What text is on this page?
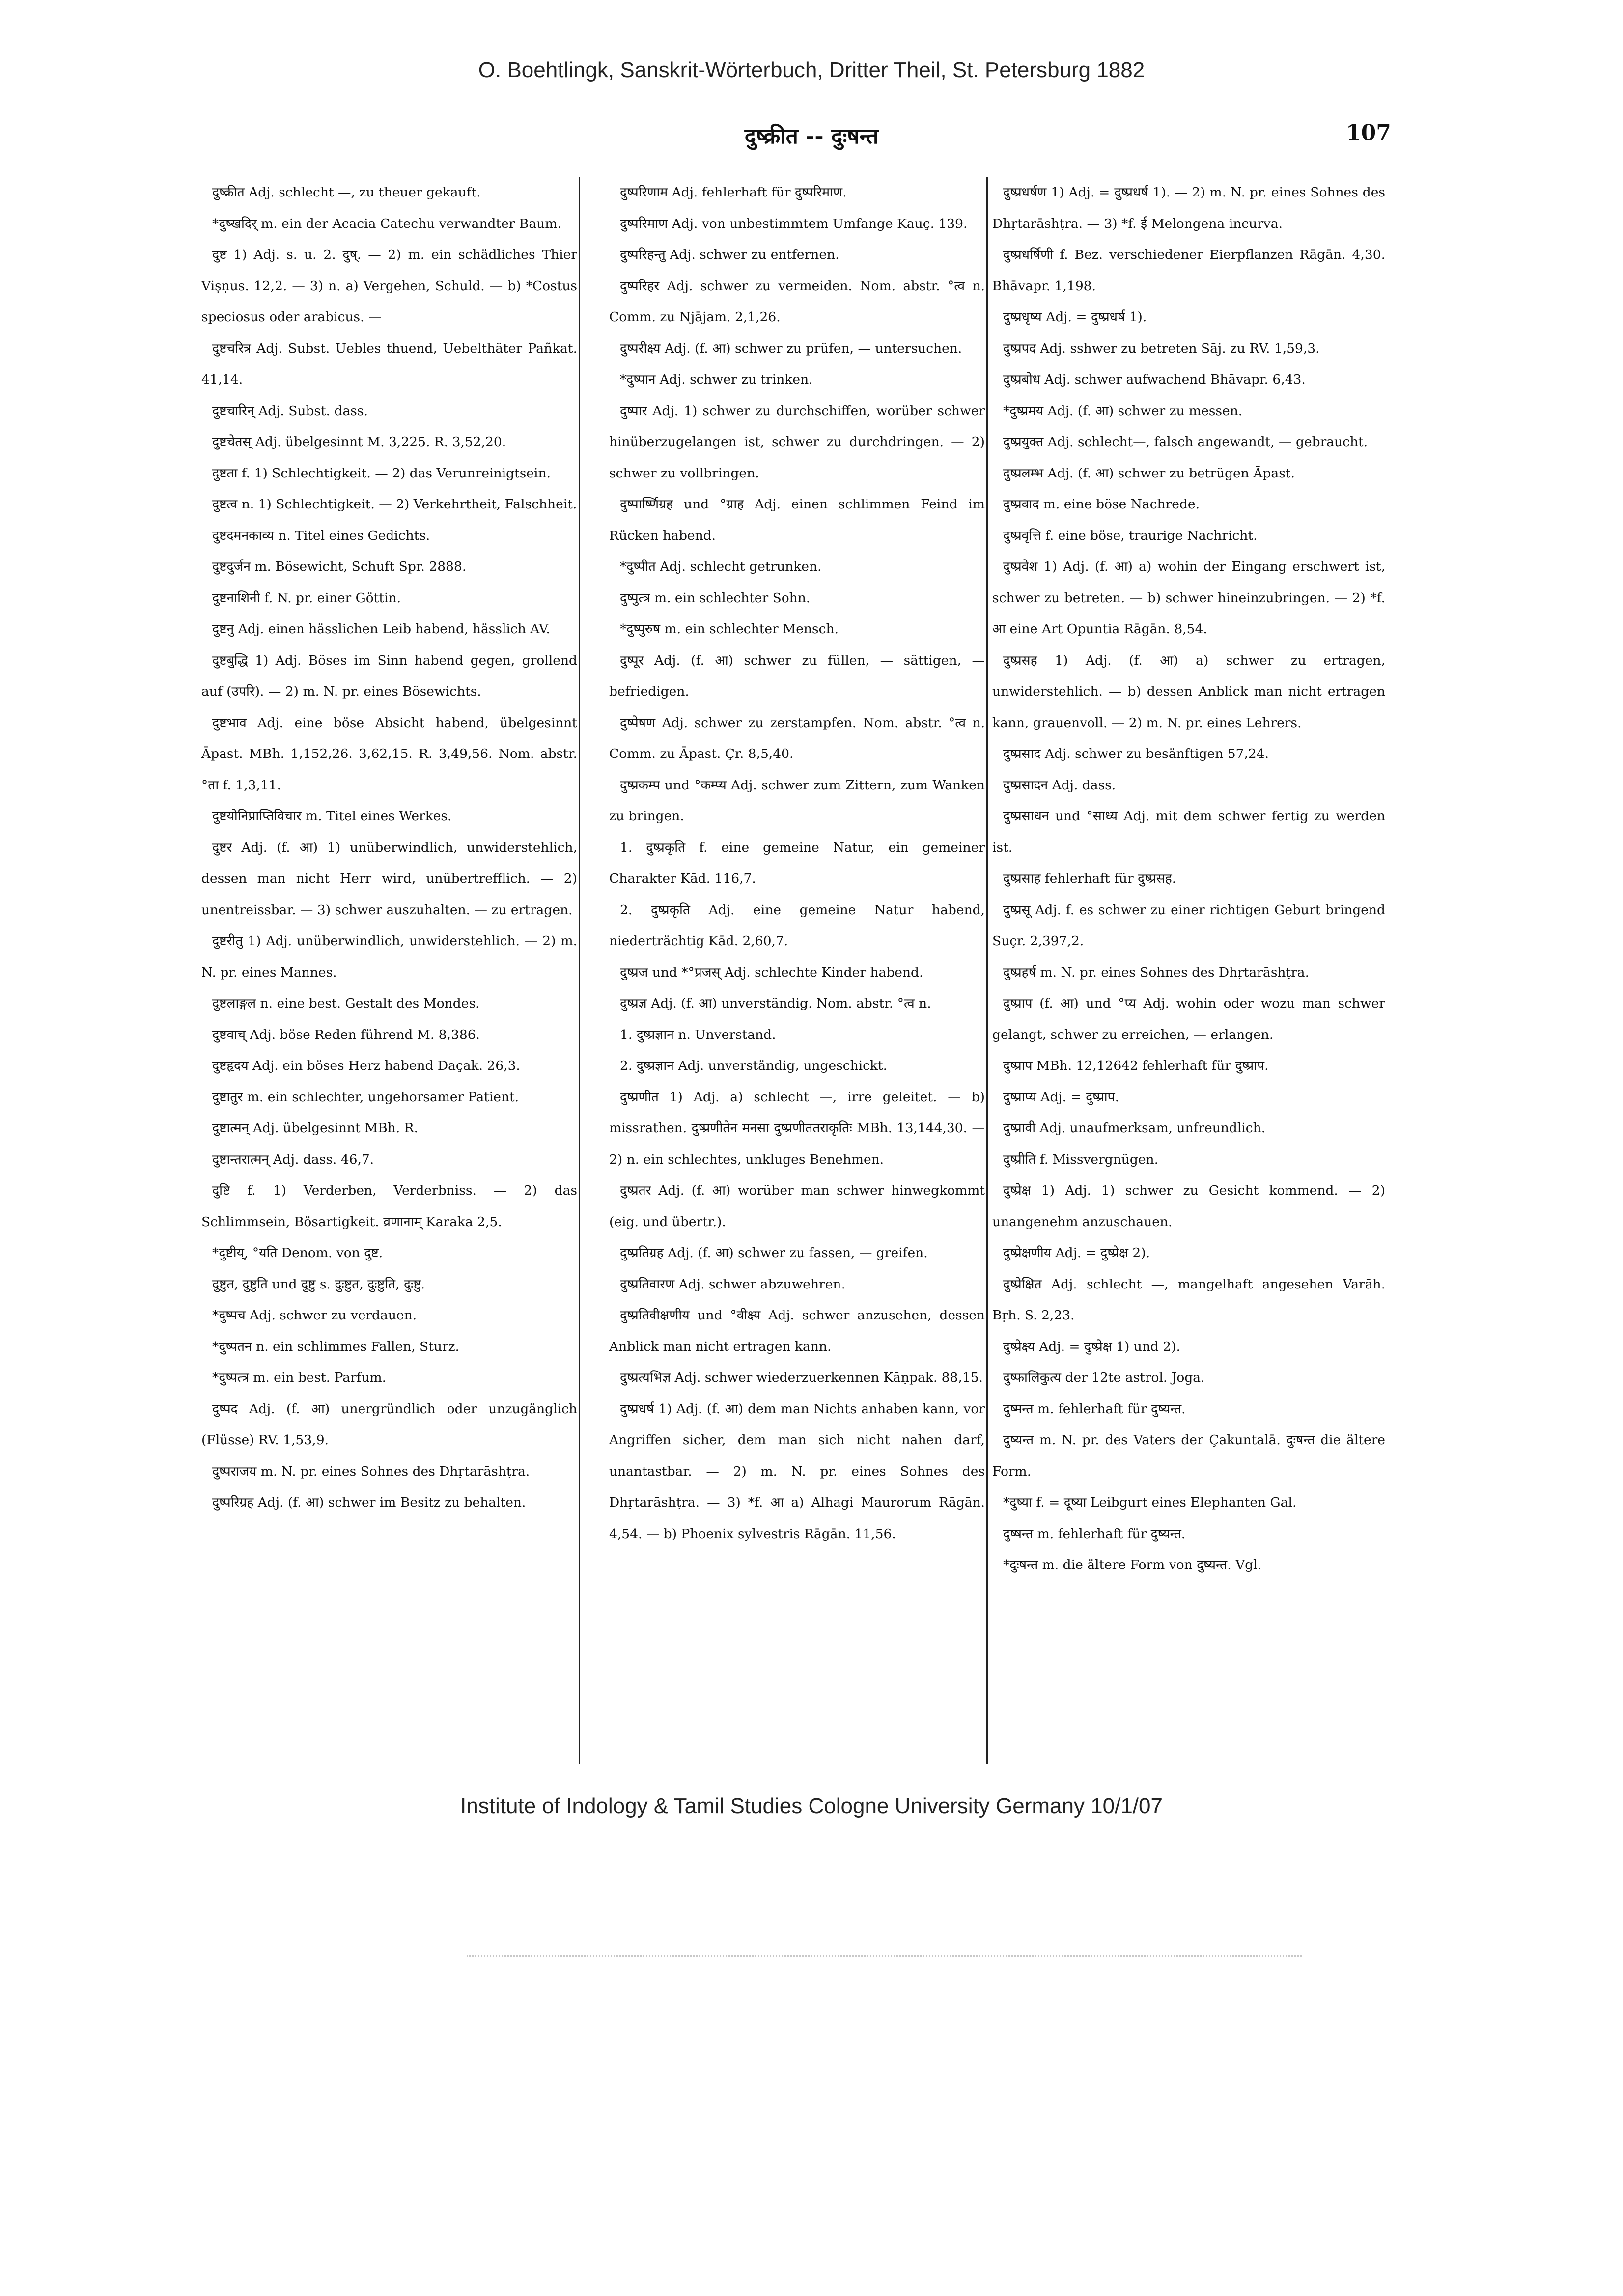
O. Boehtlingk, Sanskrit-Wörterbuch, Dritter Theil, St. Petersburg 1882
दुष्क्रीत -- दुःषन्त	107

दुष्क्रीत Adj. schlecht —, zu theuer gekauft.

*दुष्खदिर् m. ein der Acacia Catechu verwandter Baum.

दुष्ट 1) Adj. s. u. 2. दुष्. — 2) m. ein schädliches Thier Viṣṇus. 12,2. — 3) n. a) Vergehen, Schuld. — b) *Costus speciosus oder arabicus. —

दुष्टचरित्र Adj. Subst. Uebles thuend, Uebelthäter Pañkat. 41,14.

दुष्टचारिन् Adj. Subst. dass.

दुष्टचेतस् Adj. übelgesinnt M. 3,225. R. 3,52,20.

दुष्टता f. 1) Schlechtigkeit. — 2) das Verunreinigtsein.

दुष्टत्व n. 1) Schlechtigkeit. — 2) Verkehrtheit, Falschheit.

दुष्टदमनकाव्य n. Titel eines Gedichts.

दुष्टदुर्जन m. Bösewicht, Schuft Spr. 2888.

दुष्टनाशिनी f. N. pr. einer Göttin.

दुष्टनु Adj. einen hässlichen Leib habend, hässlich AV.

दुष्टबुद्धि 1) Adj. Böses im Sinn habend gegen, grollend auf (उपरि). — 2) m. N. pr. eines Bösewichts.

दुष्टभाव Adj. eine böse Absicht habend, übelgesinnt Āpast. MBh. 1,152,26. 3,62,15. R. 3,49,56. Nom. abstr. °ता f. 1,3,11.

दुष्टयोनिप्राप्तिविचार m. Titel eines Werkes.

दुष्टर Adj. (f. आ) 1) unüberwindlich, unwiderstehlich, dessen man nicht Herr wird, unübertrefflich. — 2) unentreissbar. — 3) schwer auszuhalten. — zu ertragen.

दुष्टरीतु 1) Adj. unüberwindlich, unwiderstehlich. — 2) m. N. pr. eines Mannes.

दुष्टलाङ्गल n. eine best. Gestalt des Mondes.

दुष्टवाच् Adj. böse Reden führend M. 8,386.

दुष्टहृदय Adj. ein böses Herz habend Daçak. 26,3.

दुष्टातुर m. ein schlechter, ungehorsamer Patient.

दुष्टात्मन् Adj. übelgesinnt MBh. R.

दुष्टान्तरात्मन् Adj. dass. 46,7.

दुष्टि f. 1) Verderben, Verderbniss. — 2) das Schlimmsein, Bösartigkeit. व्रणानाम् Karaka 2,5.

*दुष्टीय्, °यति Denom. von दुष्ट.

दुष्टुत, दुष्टुति und दुष्टु s. दुःष्टुत, दुःष्टुति, दुःष्टु.

*दुष्पच Adj. schwer zu verdauen.

*दुष्पतन n. ein schlimmes Fallen, Sturz.

*दुष्पत्त्र m. ein best. Parfum.

दुष्पद Adj. (f. आ) unergründlich oder unzugänglich (Flüsse) RV. 1,53,9.

दुष्पराजय m. N. pr. eines Sohnes des Dhṛtarāshṭra.

दुष्परिग्रह Adj. (f. आ) schwer im Besitz zu behalten.

दुष्परिणाम Adj. fehlerhaft für दुष्परिमाण.

दुष्परिमाण Adj. von unbestimmtem Umfange Kauç. 139.

दुष्परिहन्तु Adj. schwer zu entfernen.

दुष्परिहर Adj. schwer zu vermeiden. Nom. abstr. °त्व n. Comm. zu Njājam. 2,1,26.

दुष्परीक्ष्य Adj. (f. आ) schwer zu prüfen, — untersuchen.

*दुष्पान Adj. schwer zu trinken.

दुष्पार Adj. 1) schwer zu durchschiffen, worüber schwer hinüberzugelangen ist, schwer zu durchdringen. — 2) schwer zu vollbringen.

दुष्पार्ष्णिग्रह und °ग्राह Adj. einen schlimmen Feind im Rücken habend.

*दुष्पीत Adj. schlecht getrunken.

दुष्पुत्त्र m. ein schlechter Sohn.

*दुष्पुरुष m. ein schlechter Mensch.

दुष्पूर Adj. (f. आ) schwer zu füllen, — sättigen, — befriedigen.

दुष्पेषण Adj. schwer zu zerstampfen. Nom. abstr. °त्व n. Comm. zu Āpast. Çr. 8,5,40.

दुष्प्रकम्प und °कम्प्य Adj. schwer zum Zittern, zum Wanken zu bringen.

1. दुष्प्रकृति f. eine gemeine Natur, ein gemeiner Charakter Kād. 116,7.

2. दुष्प्रकृति Adj. eine gemeine Natur habend, niederträchtig Kād. 2,60,7.

दुष्प्रज und *°प्रजस् Adj. schlechte Kinder habend.

दुष्प्रज्ञ Adj. (f. आ) unverständig. Nom. abstr. °त्व n.

1. दुष्प्रज्ञान n. Unverstand.

2. दुष्प्रज्ञान Adj. unverständig, ungeschickt.

दुष्प्रणीत 1) Adj. a) schlecht —, irre geleitet. — b) missrathen. दुष्प्रणीतेन मनसा दुष्प्रणीततराकृतिः MBh. 13,144,30. — 2) n. ein schlechtes, unkluges Benehmen.

दुष्प्रतर Adj. (f. आ) worüber man schwer hinwegkommt (eig. und übertr.).

दुष्प्रतिग्रह Adj. (f. आ) schwer zu fassen, — greifen.

दुष्प्रतिवारण Adj. schwer abzuwehren.

दुष्प्रतिवीक्षणीय und °वीक्ष्य Adj. schwer anzusehen, dessen Anblick man nicht ertragen kann.

दुष्प्रत्यभिज्ञ Adj. schwer wiederzuerkennen Kāṇpak. 88,15.

दुष्प्रधर्ष 1) Adj. (f. आ) dem man Nichts anhaben kann, vor Angriffen sicher, dem man sich nicht nahen darf, unantastbar. — 2) m. N. pr. eines Sohnes des Dhṛtarāshṭra. — 3) *f. आ a) Alhagi Maurorum Rāgān. 4,54. — b) Phoenix sylvestris Rāgān. 11,56.

दुष्प्रधर्षण 1) Adj. = दुष्प्रधर्ष 1). — 2) m. N. pr. eines Sohnes des Dhṛtarāshṭra. — 3) *f. ई Melongena incurva.

दुष्प्रधर्षिणी f. Bez. verschiedener Eierpflanzen Rāgān. 4,30. Bhāvapr. 1,198.

दुष्प्रधृष्य Adj. = दुष्प्रधर्ष 1).

दुष्प्रपद Adj. sshwer zu betreten Sāj. zu RV. 1,59,3.

दुष्प्रबोध Adj. schwer aufwachend Bhāvapr. 6,43.

*दुष्प्रमय Adj. (f. आ) schwer zu messen.

दुष्प्रयुक्त Adj. schlecht—, falsch angewandt, — gebraucht.

दुष्प्रलम्भ Adj. (f. आ) schwer zu betrügen Āpast.

दुष्प्रवाद m. eine böse Nachrede.

दुष्प्रवृत्ति f. eine böse, traurige Nachricht.

दुष्प्रवेश 1) Adj. (f. आ) a) wohin der Eingang erschwert ist, schwer zu betreten. — b) schwer hineinzubringen. — 2) *f. आ eine Art Opuntia Rāgān. 8,54.

दुष्प्रसह 1) Adj. (f. आ) a) schwer zu ertragen, unwiderstehlich. — b) dessen Anblick man nicht ertragen kann, grauenvoll. — 2) m. N. pr. eines Lehrers.

दुष्प्रसाद Adj. schwer zu besänftigen 57,24.

दुष्प्रसादन Adj. dass.

दुष्प्रसाधन und °साध्य Adj. mit dem schwer fertig zu werden ist.

दुष्प्रसाह fehlerhaft für दुष्प्रसह.

दुष्प्रसू Adj. f. es schwer zu einer richtigen Geburt bringend Suçr. 2,397,2.

दुष्प्रहर्ष m. N. pr. eines Sohnes des Dhṛtarāshṭra.

दुष्प्राप (f. आ) und °प्य Adj. wohin oder wozu man schwer gelangt, schwer zu erreichen, — erlangen.

दुष्प्राप MBh. 12,12642 fehlerhaft für दुष्प्राप.

दुष्प्राप्य Adj. = दुष्प्राप.

दुष्प्रावी Adj. unaufmerksam, unfreundlich.

दुष्प्रीति f. Missvergnügen.

दुष्प्रेक्ष 1) Adj. 1) schwer zu Gesicht kommend. — 2) unangenehm anzuschauen.

दुष्प्रेक्षणीय Adj. = दुष्प्रेक्ष 2).

दुष्प्रेक्षित Adj. schlecht —, mangelhaft angesehen Varāh. Bṛh. S. 2,23.

दुष्प्रेक्ष्य Adj. = दुष्प्रेक्ष 1) und 2).

दुष्फालिकुत्य der 12te astrol. Joga.

दुष्मन्त m. fehlerhaft für दुष्यन्त.

दुष्यन्त m. N. pr. des Vaters der Çakuntalā. दुःषन्त die ältere Form.

*दुष्या f. = दूष्या Leibgurt eines Elephanten Gal.

दुष्षन्त m. fehlerhaft für दुष्यन्त.

*दुःषन्त m. die ältere Form von दुष्यन्त. Vgl.

Institute of Indology & Tamil Studies Cologne University Germany 10/1/07
